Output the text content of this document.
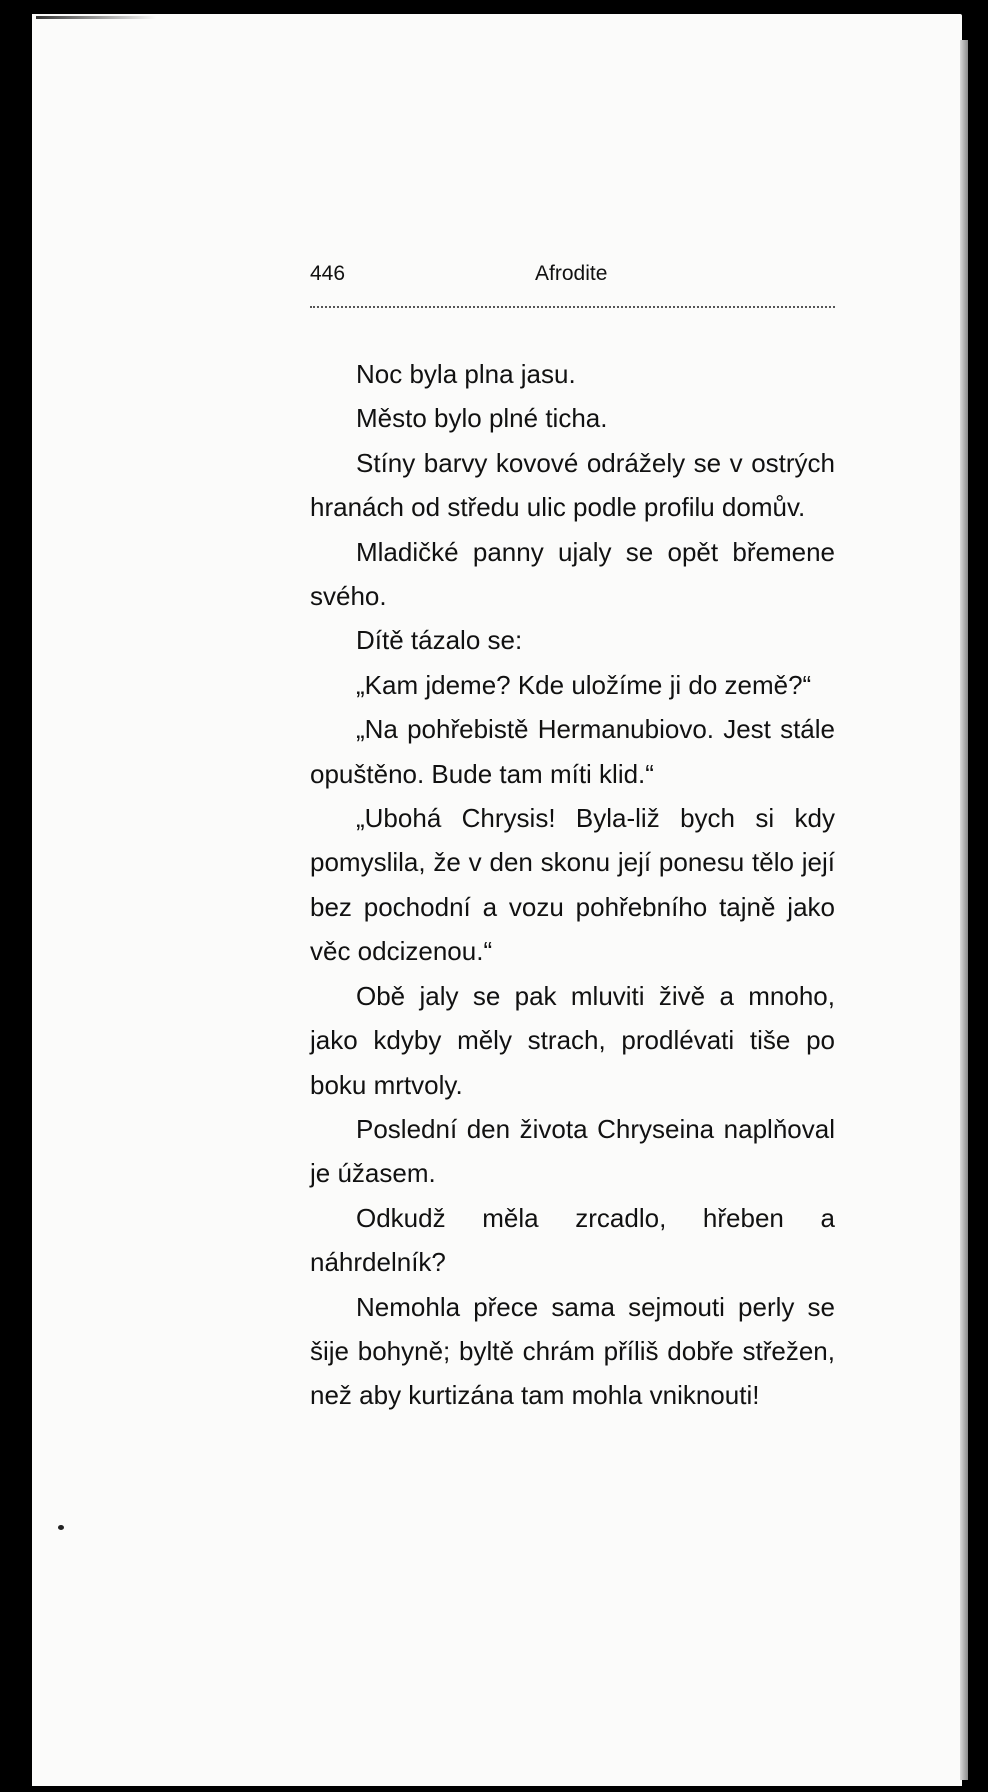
446	Afrodite

Noc byla plna jasu.

Město bylo plné ticha.

Stíny barvy kovové odrážely se v ostrých hranách od středu ulic podle profilu domův.

Mladičké panny ujaly se opět břemene svého.

Dítě tázalo se:

„Kam jdeme? Kde uložíme ji do země?“

„Na pohřebistě Hermanubiovo. Jest stále opuštěno. Bude tam míti klid.“

„Ubohá Chrysis! Byla-liž bych si kdy pomyslila, že v den skonu její ponesu tělo její bez pochodní a vozu pohřebního tajně jako věc odcizenou.“

Obě jaly se pak mluviti živě a mnoho, jako kdyby měly strach, prodlévati tiše po boku mrtvoly.

Poslední den života Chryseina naplňoval je úžasem.

Odkudž měla zrcadlo, hřeben a náhrdelník?

Nemohla přece sama sejmouti perly se šije bohyně; byltě chrám příliš dobře střežen, než aby kurtizána tam mohla vniknouti!
